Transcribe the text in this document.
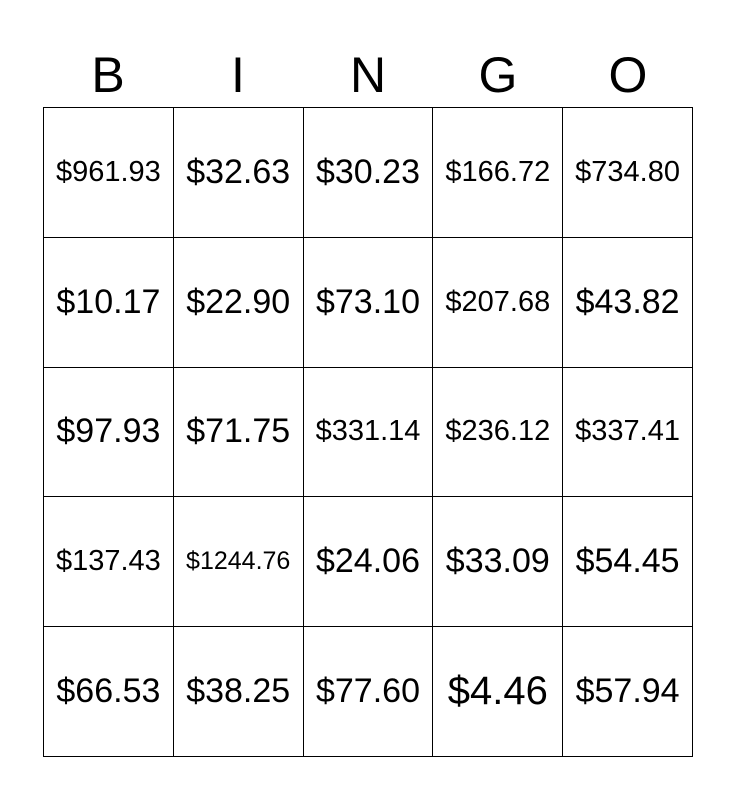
B	I	N	G	O
$961.93 $32.63 $30.23 $166.72 $734.80
$10.17 $22.90 $73.10 $207.68 $43.82
$97.93 $71.75 $331.14 $236.12 $337.41
$137.43	$1244.76 $24.06 $33.09 $54.45
$66.53 $38.25 $77.60 $4.46 $57.94
